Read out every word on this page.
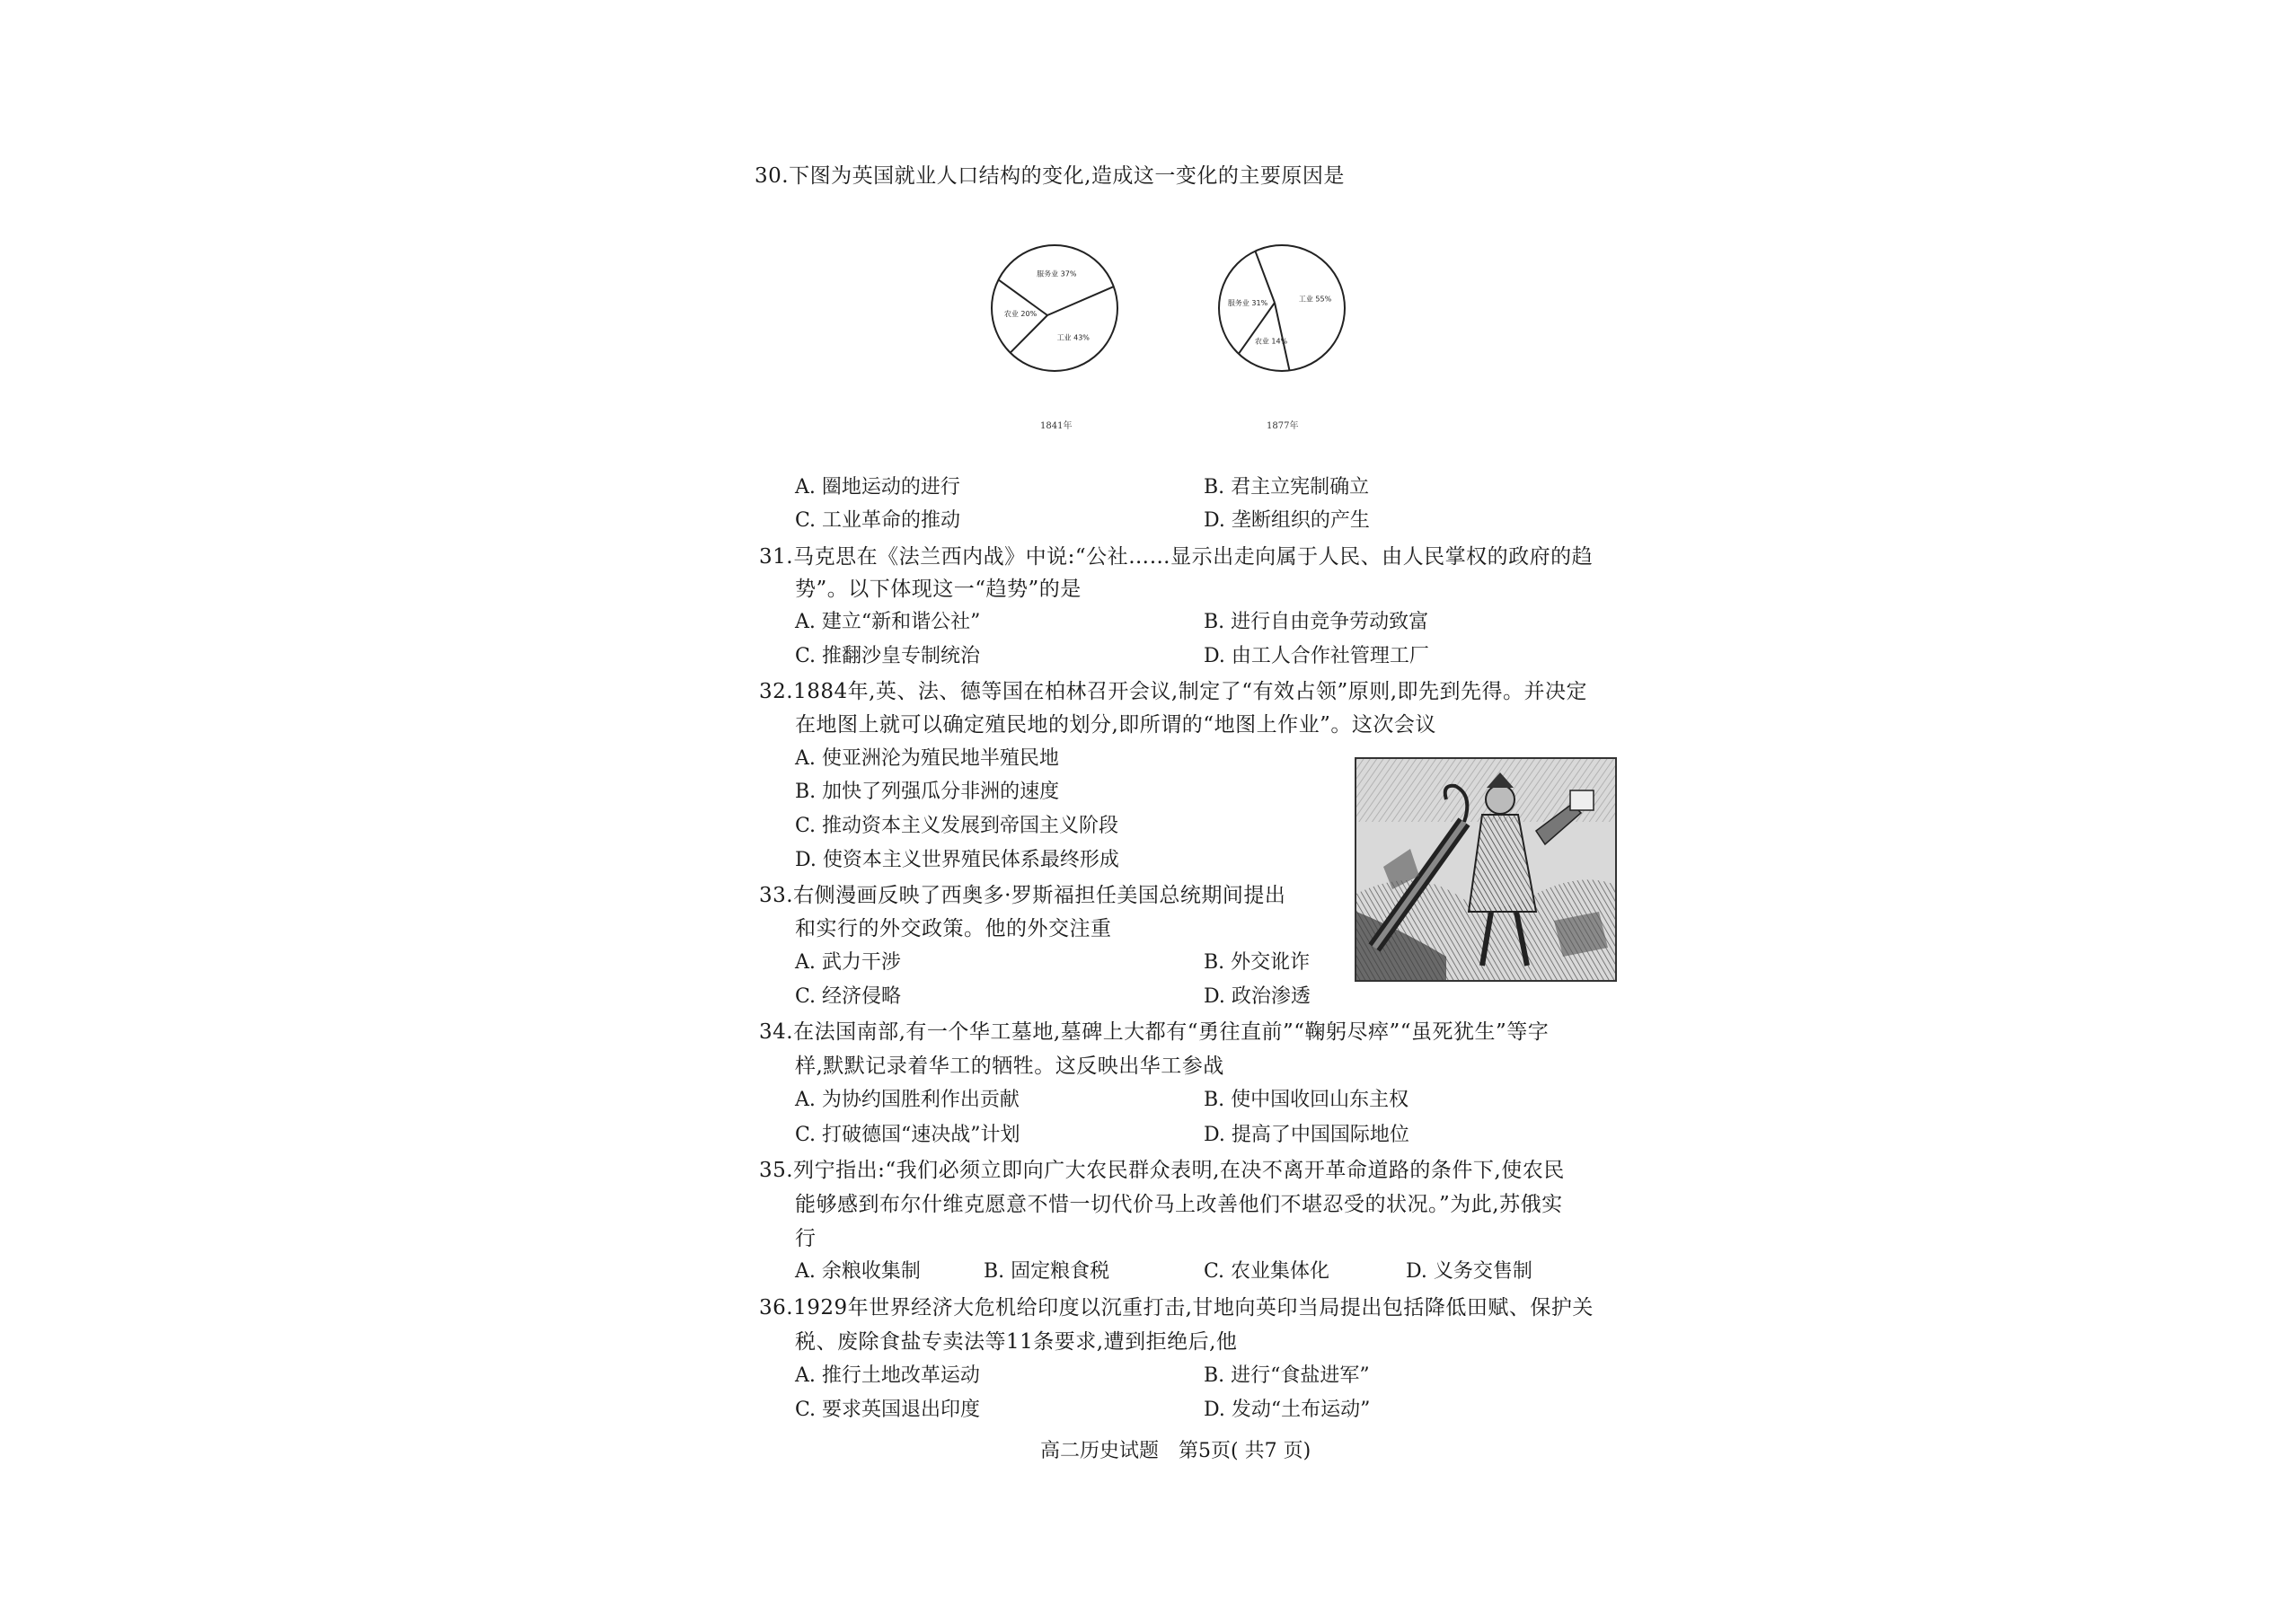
30.下图为英国就业人口结构的变化,造成这一变化的主要原因是
工业 43%
农业 20%
服务业 37%
工业 55%
农业 14%
服务业 31%
1841年	1877年
A. 圈地运动的进行	B. 君主立宪制确立
C. 工业革命的推动	D. 垄断组织的产生
31.马克思在《法兰西内战》中说:“公社……显示出走向属于人民、由人民掌权的政府的趋
势”。以下体现这一“趋势”的是
A. 建立“新和谐公社”	B. 进行自由竞争劳动致富
C. 推翻沙皇专制统治	D. 由工人合作社管理工厂
32.1884年,英、法、德等国在柏林召开会议,制定了“有效占领”原则,即先到先得。并决定
在地图上就可以确定殖民地的划分,即所谓的“地图上作业”。这次会议
A. 使亚洲沦为殖民地半殖民地
B. 加快了列强瓜分非洲的速度
C. 推动资本主义发展到帝国主义阶段
D. 使资本主义世界殖民体系最终形成
33.右侧漫画反映了西奥多·罗斯福担任美国总统期间提出
和实行的外交政策。他的外交注重
A. 武力干涉	B. 外交讹诈
C. 经济侵略	D. 政治渗透
34.在法国南部,有一个华工墓地,墓碑上大都有“勇往直前”“鞠躬尽瘁”“虽死犹生”等字
样,默默记录着华工的牺牲。这反映出华工参战
A. 为协约国胜利作出贡献	B. 使中国收回山东主权
C. 打破德国“速决战”计划	D. 提高了中国国际地位
35.列宁指出:“我们必须立即向广大农民群众表明,在决不离开革命道路的条件下,使农民
能够感到布尔什维克愿意不惜一切代价马上改善他们不堪忍受的状况。”为此,苏俄实
行
A. 余粮收集制	B. 固定粮食税	C. 农业集体化	D. 义务交售制
36.1929年世界经济大危机给印度以沉重打击,甘地向英印当局提出包括降低田赋、保护关
税、废除食盐专卖法等11条要求,遭到拒绝后,他
A. 推行土地改革运动	B. 进行“食盐进军”
C. 要求英国退出印度	D. 发动“土布运动”
高二历史试题　第5页( 共7 页)
